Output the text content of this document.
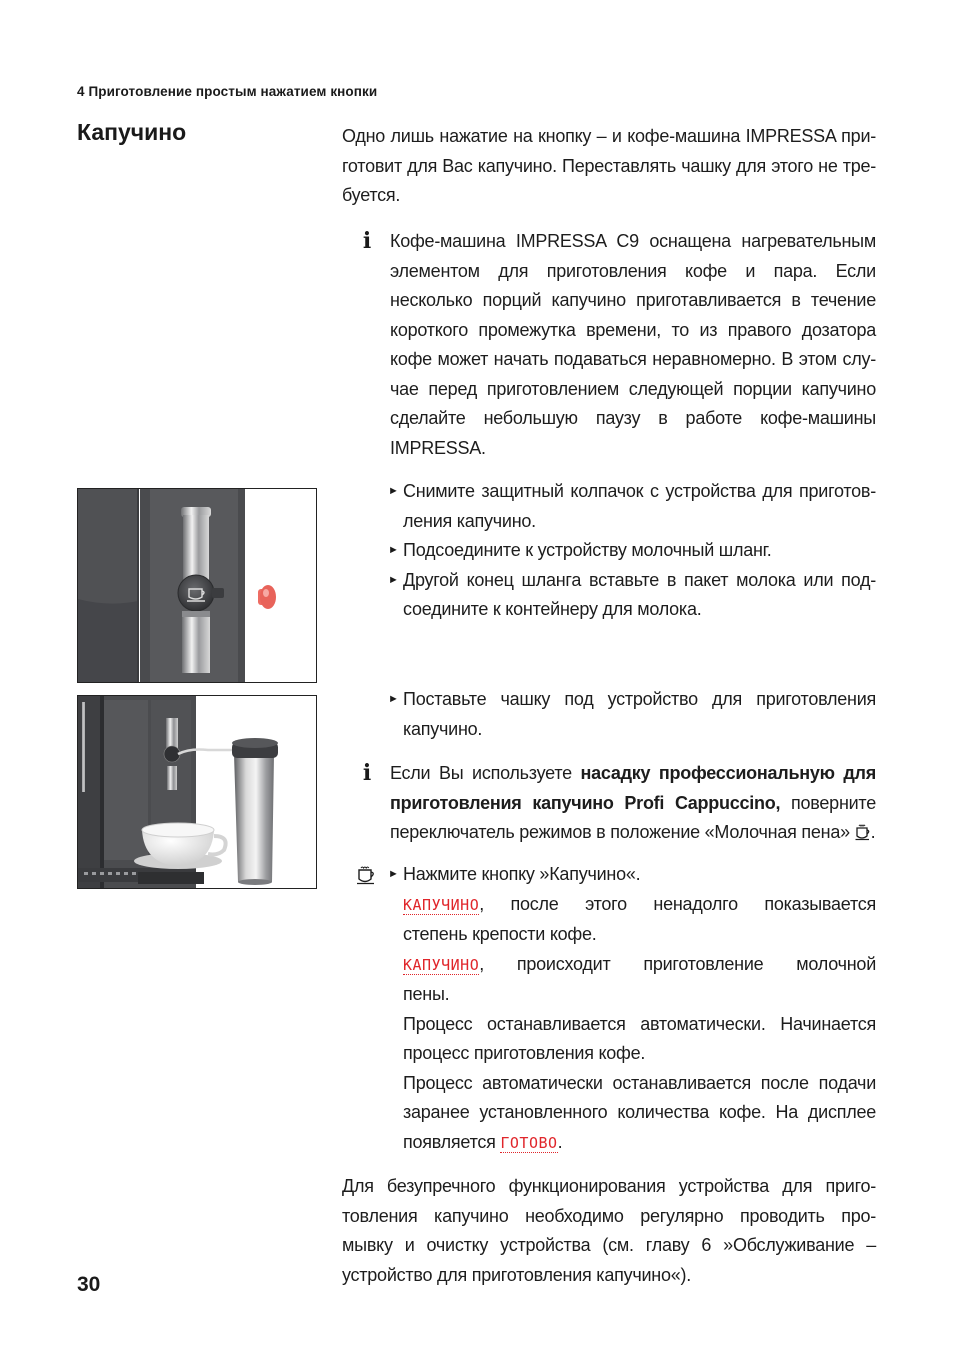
4 Приготовление простым нажатием кнопки
Капучино	Одно лишь нажатие на кнопку – и кофе-машина IMPRESSA при-
готовит для Вас капучино. Переставлять чашку для этого не тре-
буется.
i Кофе-машина IMPRESSA C9 оснащена нагревательным
элементом для приготовления кофе и пара. Если
несколько порций капучино приготавливается в течение
короткого промежутка времени, то из правого дозатора
кофе может начать подаваться неравномерно. В этом слу-
чае перед приготовлением следующей порции капучино
сделайте небольшую паузу в работе кофе-машины
IMPRESSA.
► Снимите защитный колпачок с устройства для приготов-
ления капучино.
► Подсоедините к устройству молочный шланг.
► Другой конец шланга вставьте в пакет молока или под-
соедините к контейнеру для молока.
► Поставьте чашку под устройство для приготовления
капучино.
i Если Вы используете насадку профессиональную для
приготовления капучино Profi Cappuccino, поверните
переключатель режимов в положение «Молочная пена» .
► Нажмите кнопку »Капучино«.
КАПУЧИНО, после этого ненадолго показывается
степень крепости кофе.
КАПУЧИНО, происходит приготовление молочной
пены.
Процесс останавливается автоматически. Начинается
процесс приготовления кофе.
Процесс автоматически останавливается после подачи
заранее установленного количества кофе. На дисплее
появляется ГОТОВО.
Для безупречного функционирования устройства для приго-
товления капучино необходимо регулярно проводить про-
мывку и очистку устройства (см. главу 6 »Обслуживание –
устройство для приготовления капучино«).
30
